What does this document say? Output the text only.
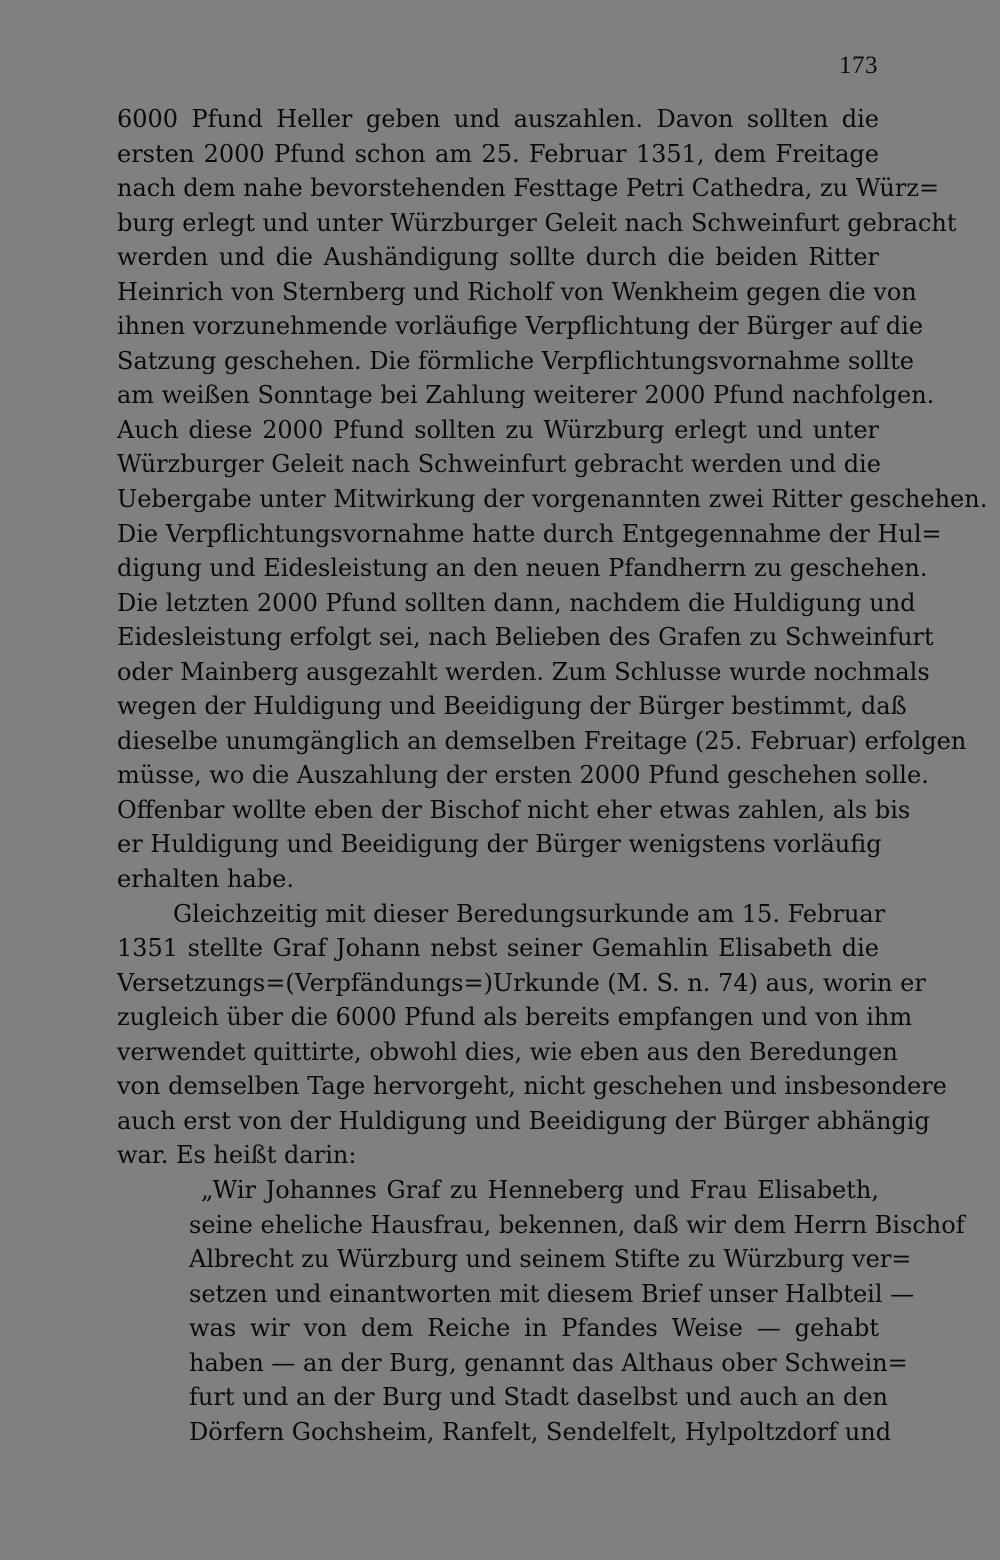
173
6000 Pfund Heller geben und auszahlen. Davon sollten die
ersten 2000 Pfund schon am 25. Februar 1351, dem Freitage
nach dem nahe bevorstehenden Festtage Petri Cathedra, zu Würz=
burg erlegt und unter Würzburger Geleit nach Schweinfurt gebracht
werden und die Aushändigung sollte durch die beiden Ritter
Heinrich von Sternberg und Richolf von Wenkheim gegen die von
ihnen vorzunehmende vorläufige Verpflichtung der Bürger auf die
Satzung geschehen. Die förmliche Verpflichtungsvornahme sollte
am weißen Sonntage bei Zahlung weiterer 2000 Pfund nachfolgen.
Auch diese 2000 Pfund sollten zu Würzburg erlegt und unter
Würzburger Geleit nach Schweinfurt gebracht werden und die
Uebergabe unter Mitwirkung der vorgenannten zwei Ritter geschehen.
Die Verpflichtungsvornahme hatte durch Entgegennahme der Hul=
digung und Eidesleistung an den neuen Pfandherrn zu geschehen.
Die letzten 2000 Pfund sollten dann, nachdem die Huldigung und
Eidesleistung erfolgt sei, nach Belieben des Grafen zu Schweinfurt
oder Mainberg ausgezahlt werden. Zum Schlusse wurde nochmals
wegen der Huldigung und Beeidigung der Bürger bestimmt, daß
dieselbe unumgänglich an demselben Freitage (25. Februar) erfolgen
müsse, wo die Auszahlung der ersten 2000 Pfund geschehen solle.
Offenbar wollte eben der Bischof nicht eher etwas zahlen, als bis
er Huldigung und Beeidigung der Bürger wenigstens vorläufig
erhalten habe.
Gleichzeitig mit dieser Beredungsurkunde am 15. Februar
1351 stellte Graf Johann nebst seiner Gemahlin Elisabeth die
Versetzungs=(Verpfändungs=)Urkunde (M. S. n. 74) aus, worin er
zugleich über die 6000 Pfund als bereits empfangen und von ihm
verwendet quittirte, obwohl dies, wie eben aus den Beredungen
von demselben Tage hervorgeht, nicht geschehen und insbesondere
auch erst von der Huldigung und Beeidigung der Bürger abhängig
war. Es heißt darin:
„Wir Johannes Graf zu Henneberg und Frau Elisabeth,
seine eheliche Hausfrau, bekennen, daß wir dem Herrn Bischof
Albrecht zu Würzburg und seinem Stifte zu Würzburg ver=
setzen und einantworten mit diesem Brief unser Halbteil —
was wir von dem Reiche in Pfandes Weise — gehabt
haben — an der Burg, genannt das Althaus ober Schwein=
furt und an der Burg und Stadt daselbst und auch an den
Dörfern Gochsheim, Ranfelt, Sendelfelt, Hylpoltzdorf und
